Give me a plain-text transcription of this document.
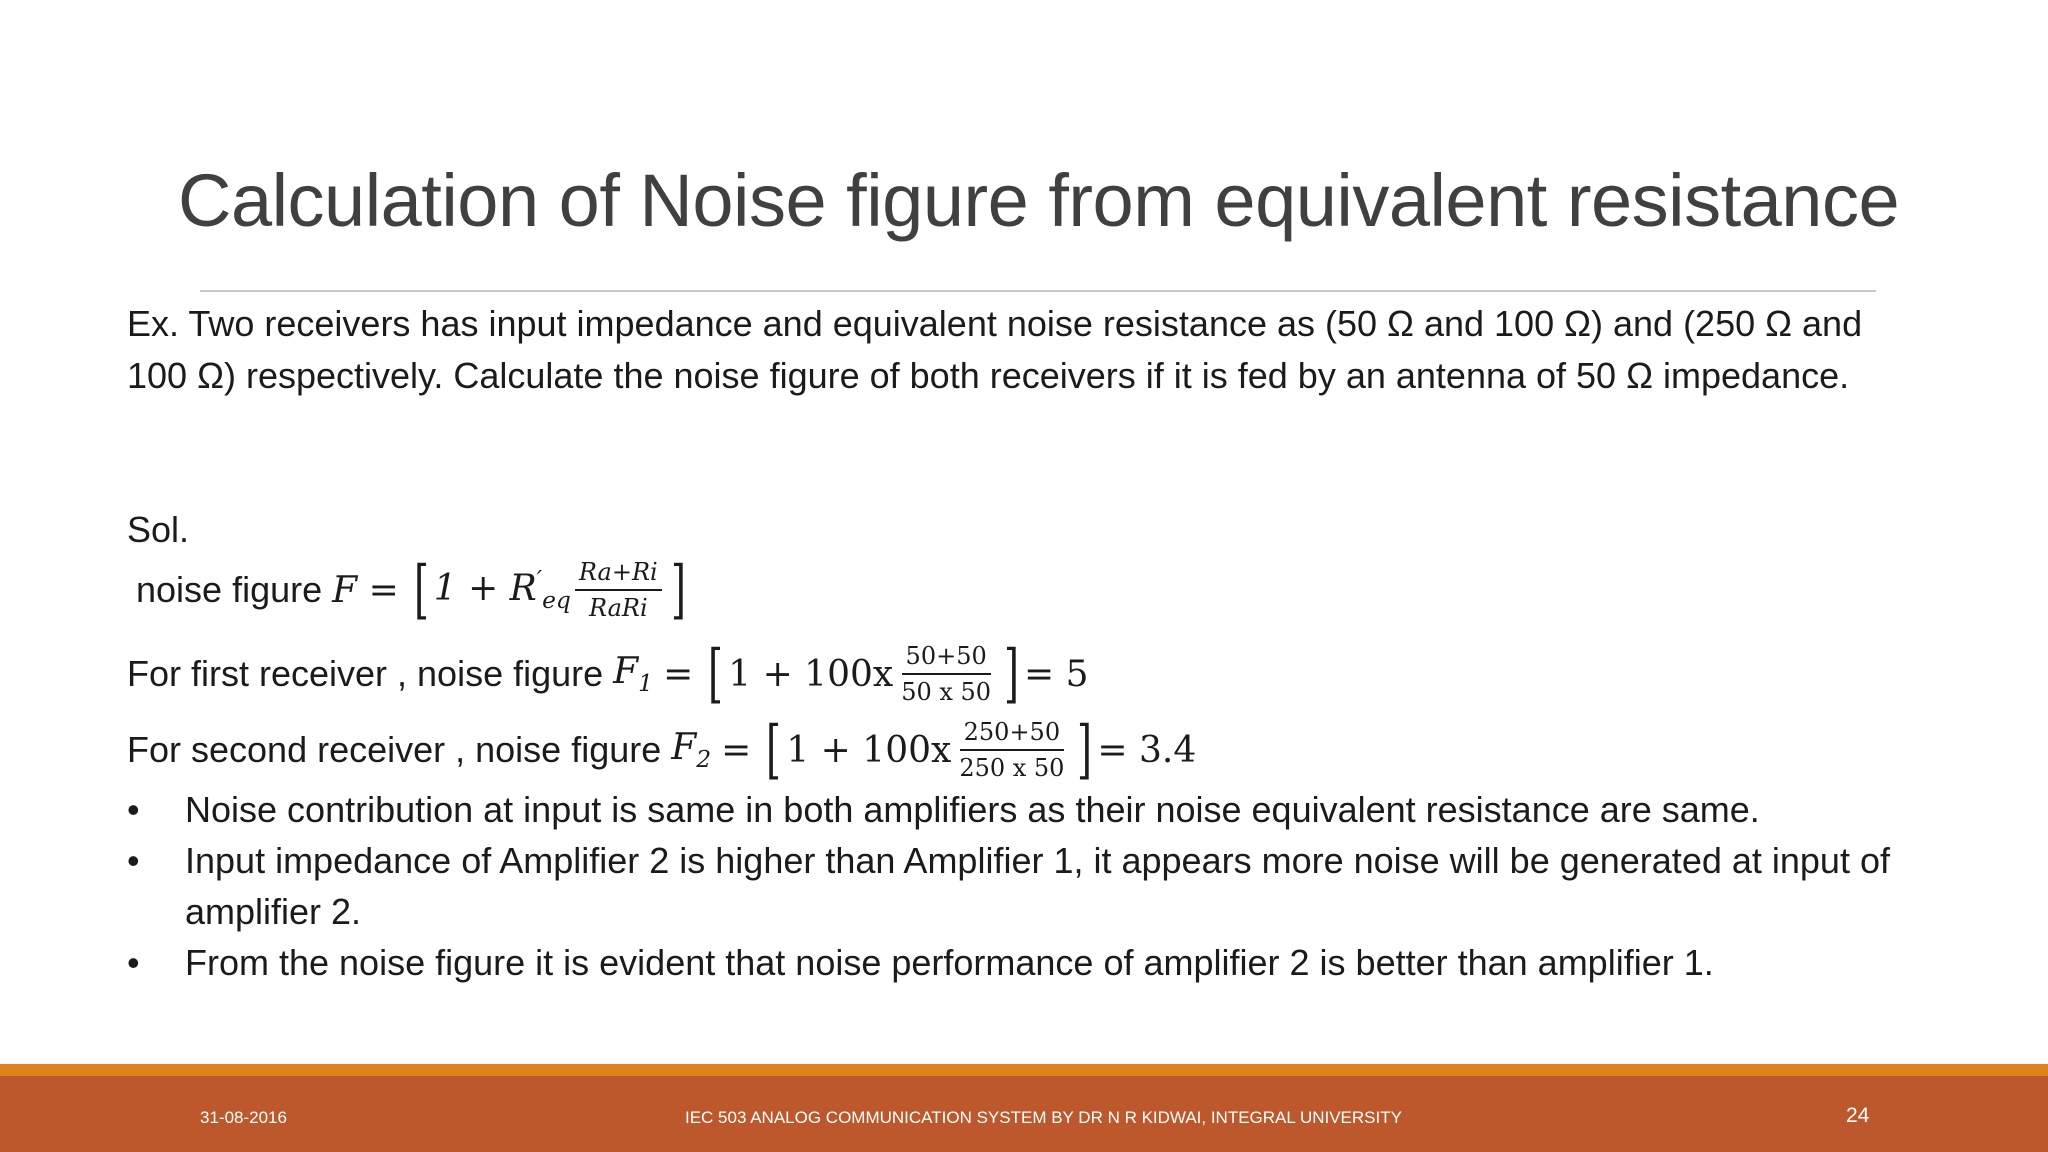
Calculation of Noise figure from equivalent resistance
Ex. Two receivers has input impedance and equivalent noise resistance as (50 Ω and 100 Ω) and (250 Ω and 100 Ω) respectively. Calculate the noise figure of both receivers if it is fed by an antenna of 50 Ω impedance.
Sol.
noise figure
F =
[ $1 + R'_{eq} \frac{Ra+Ri}{\text{RaRi}}$ ]
For first receiver , noise figure
$F_1$
=
[ $1 + 100x \frac{50+50}{50 x 50}$ ] = 5
For second receiver , noise figure
$F_2$
=
[ $1 + 100x \frac{250+50}{250 x 50}$ ] = 3.4
•	Noise contribution at input is same in both amplifiers as their noise equivalent resistance are same.
•	Input impedance of Amplifier 2 is higher than Amplifier 1, it appears more noise will be generated at input of amplifier 2.
•	From the noise figure it is evident that noise performance of amplifier 2 is better than amplifier 1.
31-08-2016	IEC 503 ANALOG COMMUNICATION SYSTEM BY DR N R KIDWAI, INTEGRAL UNIVERSITY	24
